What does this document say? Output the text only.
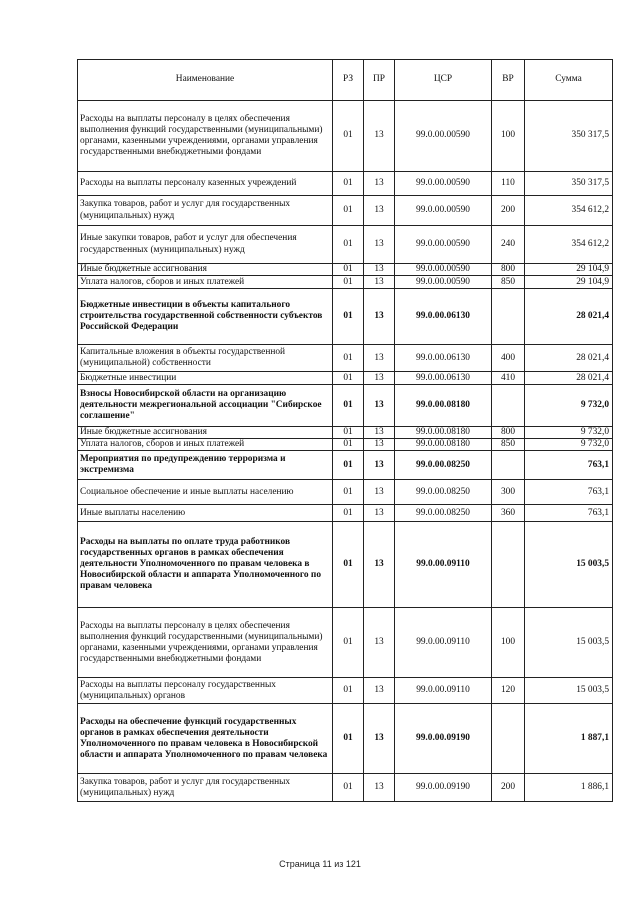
Наименование	РЗ	ПР	ЦСР	ВР	Сумма
Расходы на выплаты персоналу в целях обеспечения выполнения функций государственными (муниципальными) органами, казенными учреждениями, органами управления государственными внебюджетными фондами	01	13	99.0.00.00590	100	350 317,5
Расходы на выплаты персоналу казенных учреждений	01	13	99.0.00.00590	110	350 317,5
Закупка товаров, работ и услуг для государственных (муниципальных) нужд	01	13	99.0.00.00590	200	354 612,2
Иные закупки товаров, работ и услуг для обеспечения государственных (муниципальных) нужд	01	13	99.0.00.00590	240	354 612,2
Иные бюджетные ассигнования	01	13	99.0.00.00590	800	29 104,9
Уплата налогов, сборов и иных платежей	01	13	99.0.00.00590	850	29 104,9
Бюджетные инвестиции в объекты капитального строительства государственной собственности субъектов Российской Федерации	01	13	99.0.00.06130		28 021,4
Капитальные вложения в объекты государственной (муниципальной) собственности	01	13	99.0.00.06130	400	28 021,4
Бюджетные инвестиции	01	13	99.0.00.06130	410	28 021,4
Взносы Новосибирской области на организацию деятельности межрегиональной ассоциации "Сибирское соглашение"	01	13	99.0.00.08180		9 732,0
Иные бюджетные ассигнования	01	13	99.0.00.08180	800	9 732,0
Уплата налогов, сборов и иных платежей	01	13	99.0.00.08180	850	9 732,0
Мероприятия по предупреждению терроризма и экстремизма	01	13	99.0.00.08250		763,1
Социальное обеспечение и иные выплаты населению	01	13	99.0.00.08250	300	763,1
Иные выплаты населению	01	13	99.0.00.08250	360	763,1
Расходы на выплаты по оплате труда работников государственных органов в рамках обеспечения деятельности Уполномоченного по правам человека в Новосибирской области и аппарата Уполномоченного по правам человека	01	13	99.0.00.09110		15 003,5
Расходы на выплаты персоналу в целях обеспечения выполнения функций государственными (муниципальными) органами, казенными учреждениями, органами управления государственными внебюджетными фондами	01	13	99.0.00.09110	100	15 003,5
Расходы на выплаты персоналу государственных (муниципальных) органов	01	13	99.0.00.09110	120	15 003,5
Расходы на обеспечение функций государственных органов в рамках обеспечения деятельности Уполномоченного по правам человека в Новосибирской области и аппарата Уполномоченного по правам человека	01	13	99.0.00.09190		1 887,1
Закупка товаров, работ и услуг для государственных (муниципальных) нужд	01	13	99.0.00.09190	200	1 886,1
Страница 11 из 121
